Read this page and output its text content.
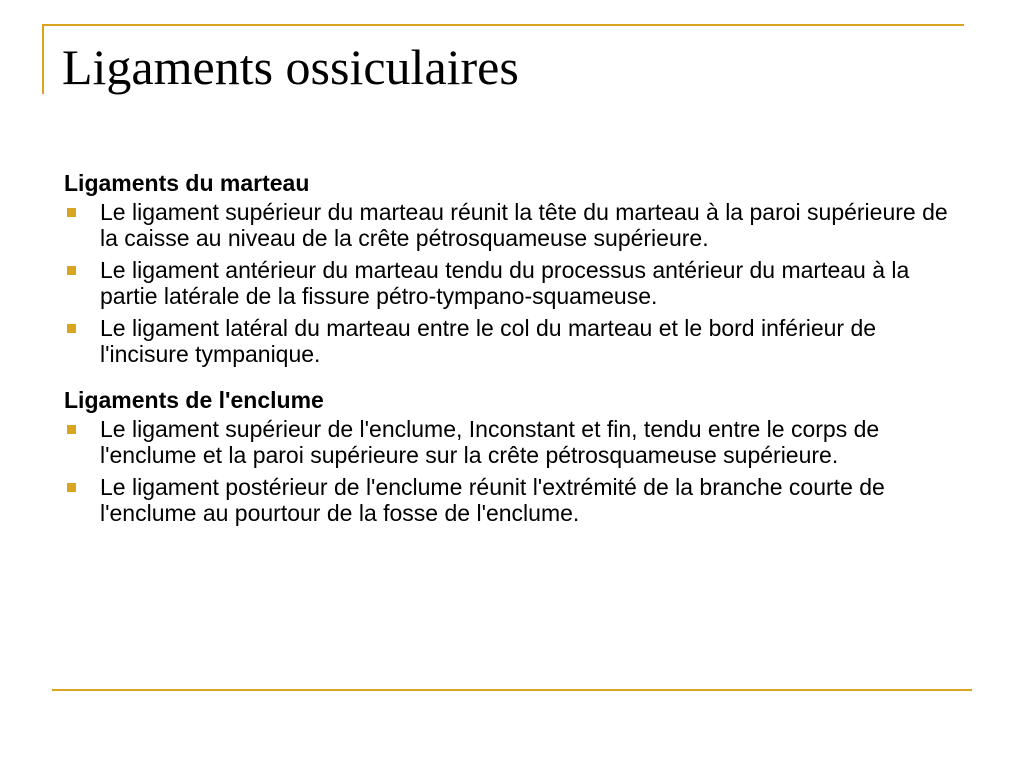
Ligaments ossiculaires
Ligaments du marteau
Le ligament supérieur du marteau réunit la tête du marteau à la paroi supérieure de la caisse au niveau de la crête pétrosquameuse supérieure.
Le ligament antérieur du marteau tendu du processus antérieur du marteau à la partie latérale de la fissure pétro-tympano-squameuse.
Le ligament latéral du marteau entre le col du marteau et le bord inférieur de l'incisure tympanique.
Ligaments de l'enclume
Le ligament supérieur de l'enclume, Inconstant et fin, tendu entre le corps de l'enclume et la paroi supérieure sur la crête pétrosquameuse supérieure.
Le ligament postérieur de l'enclume réunit l'extrémité de la branche courte de l'enclume au pourtour de la fosse de l'enclume.
